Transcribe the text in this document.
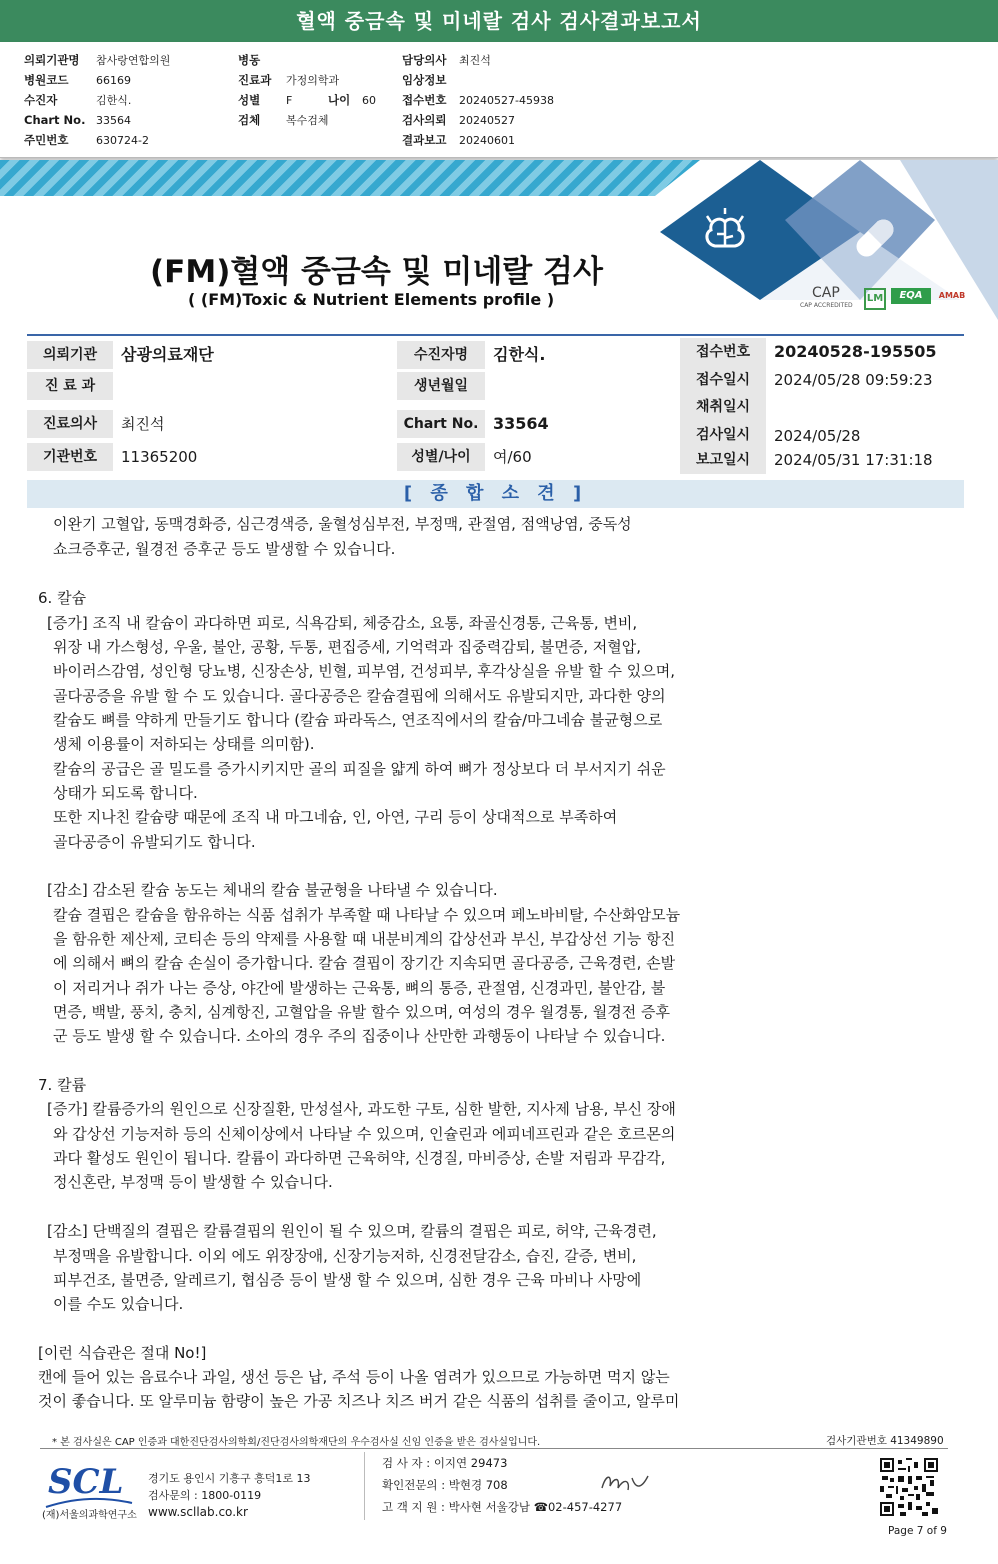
혈액 중금속 및 미네랄 검사 검사결과보고서
의뢰기관명 참사랑연합의원
병원코드	66169
수진자	김한식.
Chart No. 33564
주민번호	630724-2
병동
진료과 가정의학과
성별 F	나이 60
검체 복수검체
담당의사 최진석
임상정보
접수번호 20240527-45938
검사의뢰 20240527
결과보고 20240601
(FM)혈액 중금속 및 미네랄 검사
( (FM)Toxic & Nutrient Elements profile )	CAP
CAP ACCREDITED
LM	EQA	AMAB
의뢰기관	삼광의료재단	수진자명	김한식.
진 료 과	생년월일
진료의사	최진석	Chart No. 33564
기관번호	11365200	성별/나이	여/60
접수번호	20240528-195505
접수일시	2024/05/28 09:59:23
채취일시
검사일시	2024/05/28
보고일시	2024/05/31 17:31:18
[ 종 합 소 견 ]
이완기 고혈압, 동맥경화증, 심근경색증, 울혈성심부전, 부정맥, 관절염, 점액낭염, 중독성
쇼크증후군, 월경전 증후군 등도 발생할 수 있습니다.
6. 칼슘
[증가] 조직 내 칼슘이 과다하면 피로, 식욕감퇴, 체중감소, 요통, 좌골신경통, 근육통, 변비,
위장 내 가스형성, 우울, 불안, 공황, 두통, 편집증세, 기억력과 집중력감퇴, 불면증, 저혈압,
바이러스감염, 성인형 당뇨병, 신장손상, 빈혈, 피부염, 건성피부, 후각상실을 유발 할 수 있으며,
골다공증을 유발 할 수 도 있습니다. 골다공증은 칼슘결핍에 의해서도 유발되지만, 과다한 양의
칼슘도 뼈를 약하게 만들기도 합니다 (칼슘 파라독스, 연조직에서의 칼슘/마그네슘 불균형으로
생체 이용률이 저하되는 상태를 의미함).
칼슘의 공급은 골 밀도를 증가시키지만 골의 피질을 얇게 하여 뼈가 정상보다 더 부서지기 쉬운
상태가 되도록 합니다.
또한 지나친 칼슘량 때문에 조직 내 마그네슘, 인, 아연, 구리 등이 상대적으로 부족하여
골다공증이 유발되기도 합니다.
[감소] 감소된 칼슘 농도는 체내의 칼슘 불균형을 나타낼 수 있습니다.
칼슘 결핍은 칼슘을 함유하는 식품 섭취가 부족할 때 나타날 수 있으며 페노바비탈, 수산화암모늄
을 함유한 제산제, 코티손 등의 약제를 사용할 때 내분비계의 갑상선과 부신, 부갑상선 기능 항진
에 의해서 뼈의 칼슘 손실이 증가합니다. 칼슘 결핍이 장기간 지속되면 골다공증, 근육경련, 손발
이 저리거나 쥐가 나는 증상, 야간에 발생하는 근육통, 뼈의 통증, 관절염, 신경과민, 불안감, 불
면증, 백발, 풍치, 충치, 심계항진, 고혈압을 유발 할수 있으며, 여성의 경우 월경통, 월경전 증후
군 등도 발생 할 수 있습니다. 소아의 경우 주의 집중이나 산만한 과행동이 나타날 수 있습니다.
7. 칼륨
[증가] 칼륨증가의 원인으로 신장질환, 만성설사, 과도한 구토, 심한 발한, 지사제 남용, 부신 장애
와 갑상선 기능저하 등의 신체이상에서 나타날 수 있으며, 인슐린과 에피네프린과 같은 호르몬의
과다 활성도 원인이 됩니다. 칼륨이 과다하면 근육허약, 신경질, 마비증상, 손발 저림과 무감각,
정신혼란, 부정맥 등이 발생할 수 있습니다.
[감소] 단백질의 결핍은 칼륨결핍의 원인이 될 수 있으며, 칼륨의 결핍은 피로, 허약, 근육경련,
부정맥을 유발합니다. 이외 에도 위장장애, 신장기능저하, 신경전달감소, 습진, 갈증, 변비,
피부건조, 불면증, 알레르기, 협심증 등이 발생 할 수 있으며, 심한 경우 근육 마비나 사망에
이를 수도 있습니다.
[이런 식습관은 절대 No!]
캔에 들어 있는 음료수나 과일, 생선 등은 납, 주석 등이 나올 염려가 있으므로 가능하면 먹지 않는
것이 좋습니다. 또 알루미늄 함량이 높은 가공 치즈나 치즈 버거 같은 식품의 섭취를 줄이고, 알루미
* 본 검사실은 CAP 인증과 대한진단검사의학회/진단검사의학재단의 우수검사실 신임 인증을 받은 검사실입니다.	검사기관번호 41349890
SCL
(재)서울의과학연구소
경기도 용인시 기흥구 흥덕1로 13
검사문의 : 1800-0119
www.scllab.co.kr
검 사 자 : 이지연 29473
확인전문의 : 박현경 708
고 객 지 원 : 박사현 서울강남 ☎02-457-4277
Page 7 of 9
